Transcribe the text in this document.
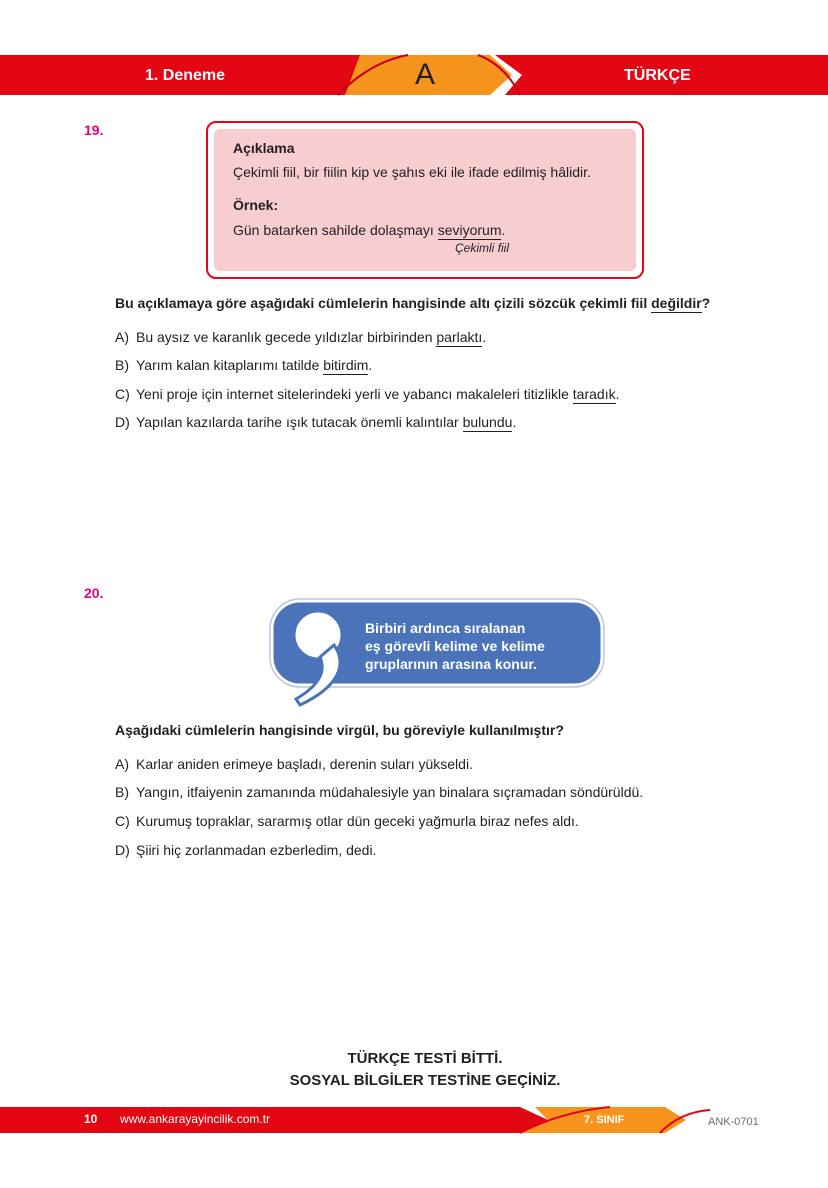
1. Deneme	A	TÜRKÇE
19.
Açıklama
Çekimli fiil, bir fiilin kip ve şahıs eki ile ifade edilmiş hâlidir.
Örnek:
Gün batarken sahilde dolaşmayı seviyorum.
Çekimli fiil
Bu açıklamaya göre aşağıdaki cümlelerin hangisinde altı çizili sözcük çekimli fiil değildir?
A) Bu aysız ve karanlık gecede yıldızlar birbirinden parlaktı.
B) Yarım kalan kitaplarımı tatilde bitirdim.
C) Yeni proje için internet sitelerindeki yerli ve yabancı makaleleri titizlikle taradık.
D) Yapılan kazılarda tarihe ışık tutacak önemli kalıntılar bulundu.
20.
Birbiri ardınca sıralanan
eş görevli kelime ve kelime
gruplarının arasına konur.
Aşağıdaki cümlelerin hangisinde virgül, bu göreviyle kullanılmıştır?
A) Karlar aniden erimeye başladı, derenin suları yükseldi.
B) Yangın, itfaiyenin zamanında müdahalesiyle yan binalara sıçramadan söndürüldü.
C) Kurumuş topraklar, sararmış otlar dün geceki yağmurla biraz nefes aldı.
D) Şiiri hiç zorlanmadan ezberledim, dedi.
TÜRKÇE TESTİ BİTTİ.
SOSYAL BİLGİLER TESTİNE GEÇİNİZ.
10 www.ankarayayincilik.com.tr	7. SINIF	ANK-0701
